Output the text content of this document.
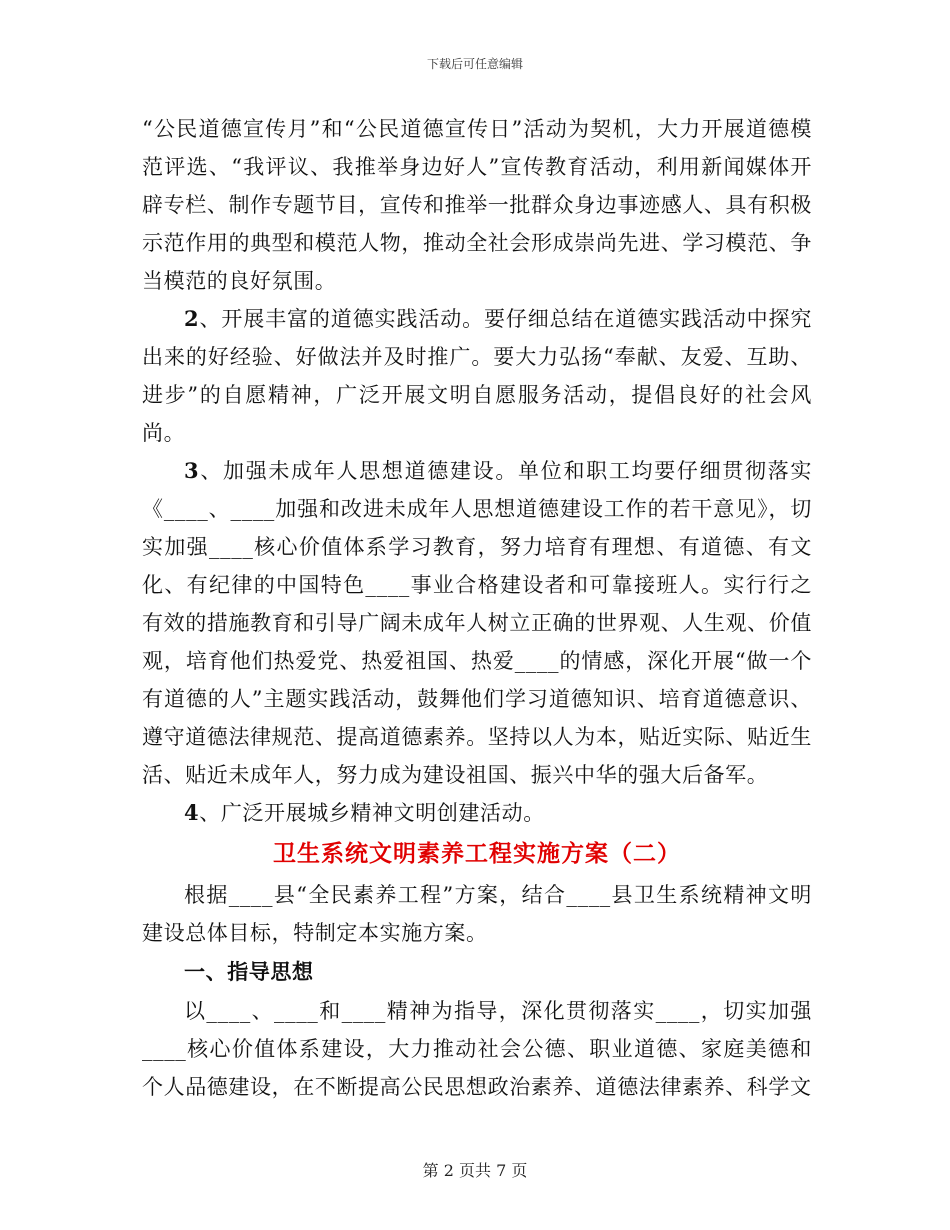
下载后可任意编辑

“公民道德宣传月”和“公民道德宣传日”活动为契机，大力开展道德模范评选、“我评议、我推举身边好人”宣传教育活动，利用新闻媒体开辟专栏、制作专题节目，宣传和推举一批群众身边事迹感人、具有积极示范作用的典型和模范人物，推动全社会形成崇尚先进、学习模范、争当模范的良好氛围。

2、开展丰富的道德实践活动。要仔细总结在道德实践活动中探究出来的好经验、好做法并及时推广。要大力弘扬“奉献、友爱、互助、进步”的自愿精神，广泛开展文明自愿服务活动，提倡良好的社会风尚。

3、加强未成年人思想道德建设。单位和职工均要仔细贯彻落实《____、____加强和改进未成年人思想道德建设工作的若干意见》，切实加强____核心价值体系学习教育，努力培育有理想、有道德、有文化、有纪律的中国特色____事业合格建设者和可靠接班人。实行行之有效的措施教育和引导广阔未成年人树立正确的世界观、人生观、价值观，培育他们热爱党、热爱祖国、热爱____的情感，深化开展“做一个有道德的人”主题实践活动，鼓舞他们学习道德知识、培育道德意识、遵守道德法律规范、提高道德素养。坚持以人为本，贴近实际、贴近生活、贴近未成年人，努力成为建设祖国、振兴中华的强大后备军。

4、广泛开展城乡精神文明创建活动。

卫生系统文明素养工程实施方案（二）

根据____县“全民素养工程”方案，结合____县卫生系统精神文明建设总体目标，特制定本实施方案。

一、指导思想

以____、____和____精神为指导，深化贯彻落实____，切实加强____核心价值体系建设，大力推动社会公德、职业道德、家庭美德和个人品德建设，在不断提高公民思想政治素养、道德法律素养、科学文

第 2 页共 7 页
